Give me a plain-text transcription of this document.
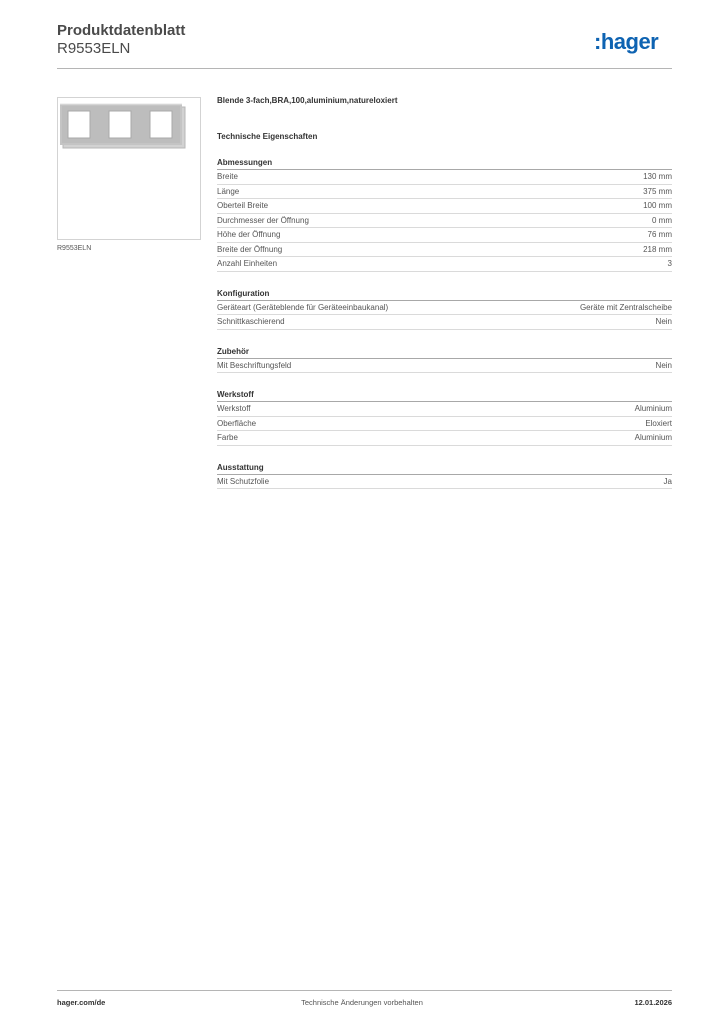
Produktdatenblatt
R9553ELN	:hager
R9553ELN
Blende 3-fach,BRA,100,aluminium,natureloxiert
Technische Eigenschaften
Abmessungen
Breite	130 mm
Länge	375 mm
Oberteil Breite	100 mm
Durchmesser der Öffnung	0 mm
Höhe der Öffnung	76 mm
Breite der Öffnung	218 mm
Anzahl Einheiten	3
Konfiguration
Geräteart (Geräteblende für Geräteeinbaukanal)	Geräte mit Zentralscheibe
Schnittkaschierend	Nein
Zubehör
Mit Beschriftungsfeld	Nein
Werkstoff
Werkstoff	Aluminium
Oberfläche	Eloxiert
Farbe	Aluminium
Ausstattung
Mit Schutzfolie	Ja
hager.com/de	Technische Änderungen vorbehalten	12.01.2026
